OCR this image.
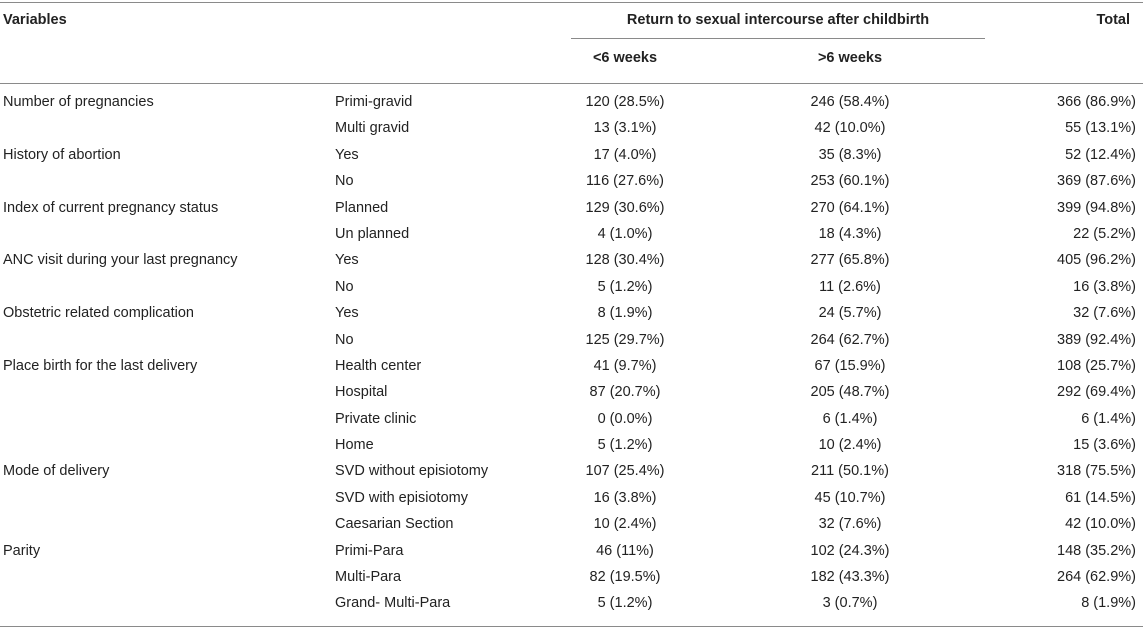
Variables	Return to sexual intercourse after childbirth	Total
<6 weeks	>6 weeks
Number of pregnancies	Primi-gravid	120 (28.5%)	246 (58.4%)	366 (86.9%)
Multi gravid	13 (3.1%)	42 (10.0%)	55 (13.1%)
History of abortion	Yes	17 (4.0%)	35 (8.3%)	52 (12.4%)
No	116 (27.6%)	253 (60.1%)	369 (87.6%)
Index of current pregnancy status	Planned	129 (30.6%)	270 (64.1%)	399 (94.8%)
Un planned	4 (1.0%)	18 (4.3%)	22 (5.2%)
ANC visit during your last pregnancy	Yes	128 (30.4%)	277 (65.8%)	405 (96.2%)
No	5 (1.2%)	11 (2.6%)	16 (3.8%)
Obstetric related complication	Yes	8 (1.9%)	24 (5.7%)	32 (7.6%)
No	125 (29.7%)	264 (62.7%)	389 (92.4%)
Place birth for the last delivery	Health center	41 (9.7%)	67 (15.9%)	108 (25.7%)
Hospital	87 (20.7%)	205 (48.7%)	292 (69.4%)
Private clinic	0 (0.0%)	6 (1.4%)	6 (1.4%)
Home	5 (1.2%)	10 (2.4%)	15 (3.6%)
Mode of delivery	SVD without episiotomy	107 (25.4%)	211 (50.1%)	318 (75.5%)
SVD with episiotomy	16 (3.8%)	45 (10.7%)	61 (14.5%)
Caesarian Section	10 (2.4%)	32 (7.6%)	42 (10.0%)
Parity	Primi-Para	46 (11%)	102 (24.3%)	148 (35.2%)
Multi-Para	82 (19.5%)	182 (43.3%)	264 (62.9%)
Grand- Multi-Para	5 (1.2%)	3 (0.7%)	8 (1.9%)
